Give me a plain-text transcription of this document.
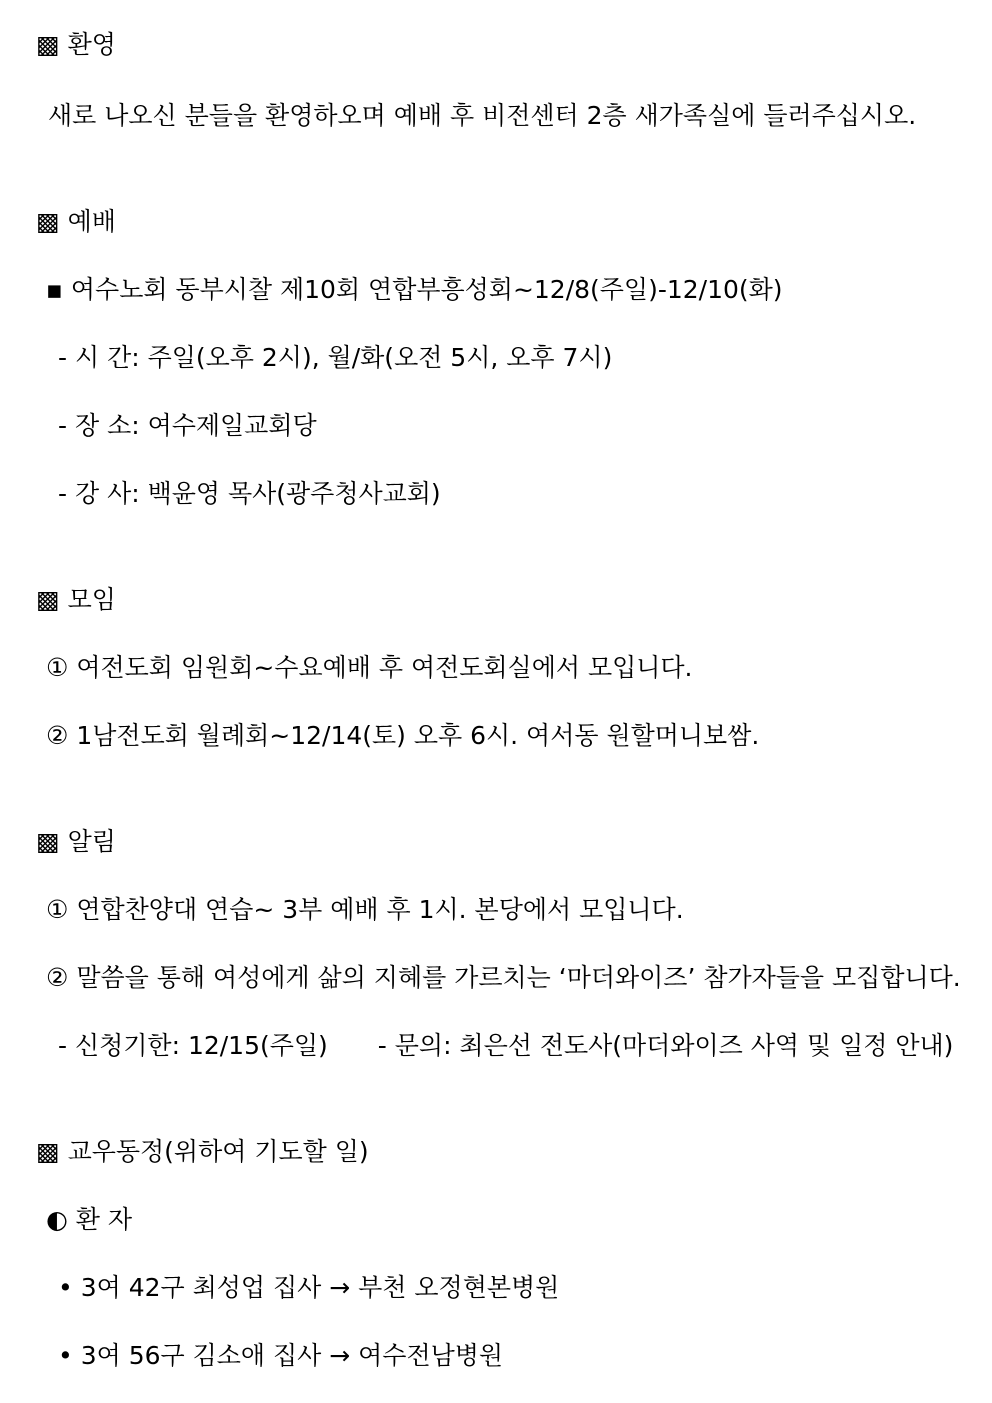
▩ 환영
새로 나오신 분들을 환영하오며 예배 후 비전센터 2층 새가족실에 들러주십시오.
▩ 예배
▪ 여수노회 동부시찰 제10회 연합부흥성회~12/8(주일)-12/10(화)
- 시 간: 주일(오후 2시), 월/화(오전 5시, 오후 7시)
- 장 소: 여수제일교회당
- 강 사: 백윤영 목사(광주청사교회)
▩ 모임
① 여전도회 임원회~수요예배 후 여전도회실에서 모입니다.
② 1남전도회 월례회~12/14(토) 오후 6시. 여서동 원할머니보쌈.
▩ 알림
① 연합찬양대 연습~ 3부 예배 후 1시. 본당에서 모입니다.
② 말씀을 통해 여성에게 삶의 지혜를 가르치는 ‘마더와이즈’ 참가자들을 모집합니다.
- 신청기한: 12/15(주일) - 문의: 최은선 전도사(마더와이즈 사역 및 일정 안내)
▩ 교우동정(위하여 기도할 일)
◐ 환 자
• 3여 42구 최성업 집사 → 부천 오정현본병원
• 3여 56구 김소애 집사 → 여수전남병원
